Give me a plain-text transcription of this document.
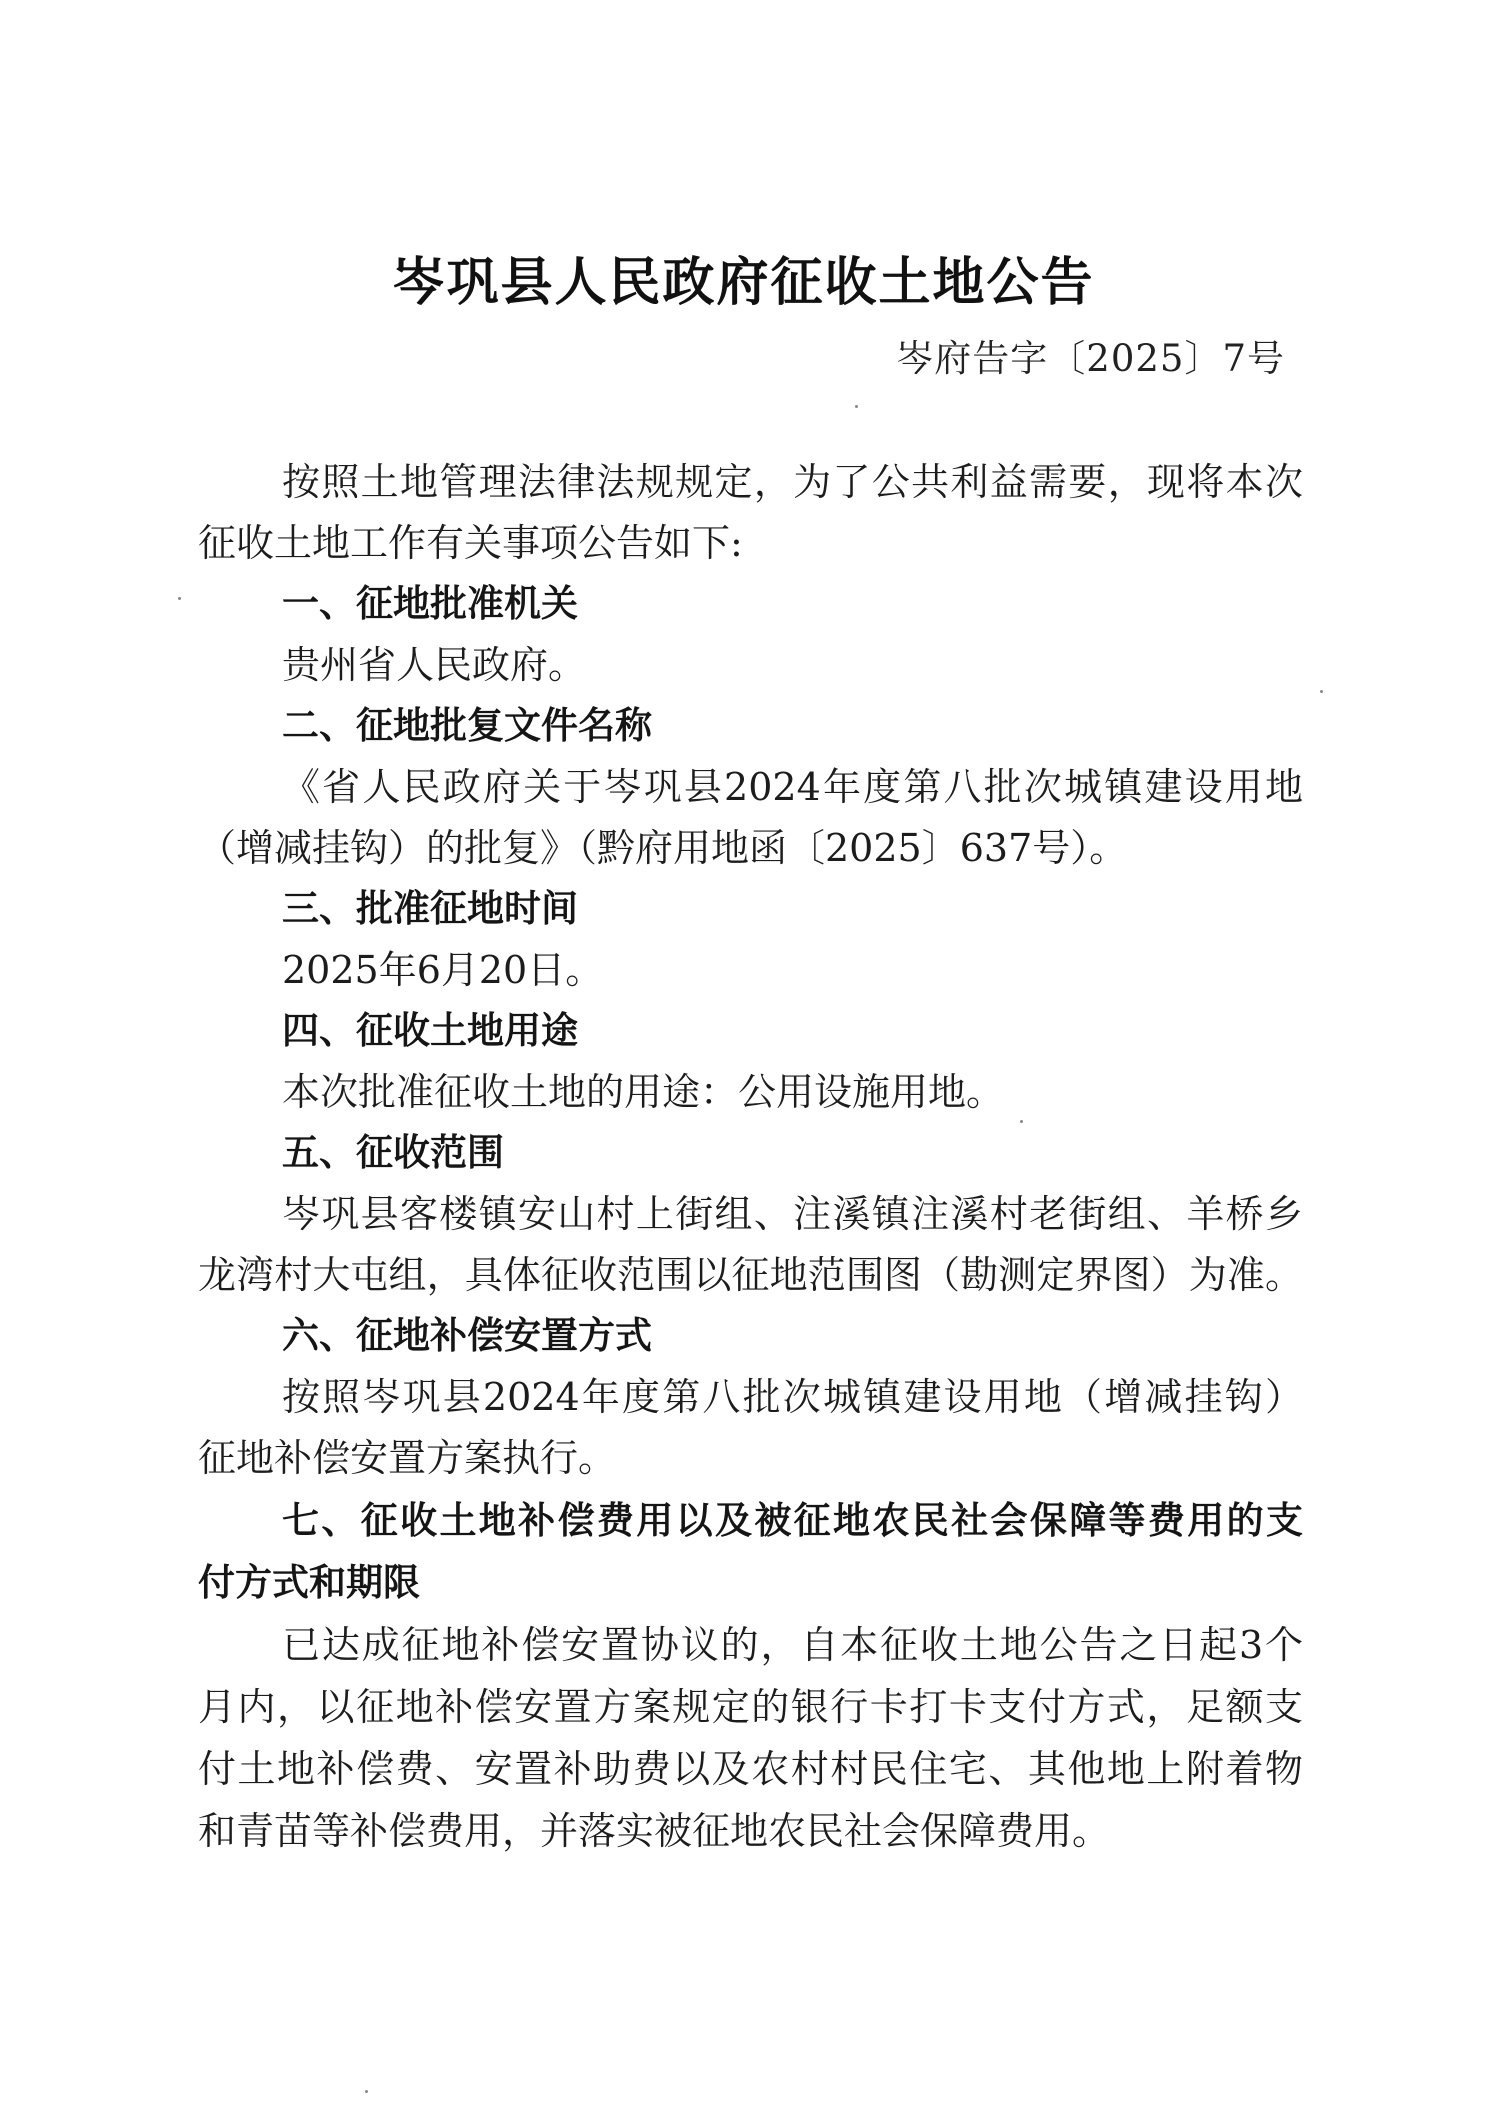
岑巩县人民政府征收土地公告
岑府告字〔2025〕7号
按照土地管理法律法规规定，为了公共利益需要，现将本次
征收土地工作有关事项公告如下:
一、征地批准机关
贵州省人民政府。
二、征地批复文件名称
《省人民政府关于岑巩县2024年度第八批次城镇建设用地
（增减挂钩）的批复》（黔府用地函〔2025〕637号）。
三、批准征地时间
2025年6月20日。
四、征收土地用途
本次批准征收土地的用途：公用设施用地。
五、征收范围
岑巩县客楼镇安山村上街组、注溪镇注溪村老街组、羊桥乡
龙湾村大屯组，具体征收范围以征地范围图（勘测定界图）为准。
六、征地补偿安置方式
按照岑巩县2024年度第八批次城镇建设用地（增减挂钩）
征地补偿安置方案执行。
七、征收土地补偿费用以及被征地农民社会保障等费用的支
付方式和期限
已达成征地补偿安置协议的，自本征收土地公告之日起3个
月内，以征地补偿安置方案规定的银行卡打卡支付方式，足额支
付土地补偿费、安置补助费以及农村村民住宅、其他地上附着物
和青苗等补偿费用，并落实被征地农民社会保障费用。
